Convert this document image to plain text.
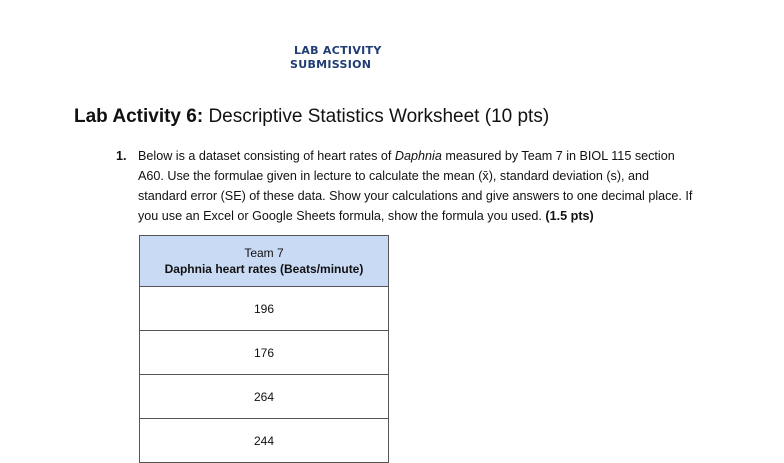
LAB ACTIVITY
SUBMISSION
Lab Activity 6: Descriptive Statistics Worksheet (10 pts)
1. Below is a dataset consisting of heart rates of Daphnia measured by Team 7 in BIOL 115 section A60. Use the formulae given in lecture to calculate the mean (x̄), standard deviation (s), and standard error (SE) of these data. Show your calculations and give answers to one decimal place. If you use an Excel or Google Sheets formula, show the formula you used. (1.5 pts)
Team 7
Daphnia heart rates (Beats/minute)

196
176
264
244
